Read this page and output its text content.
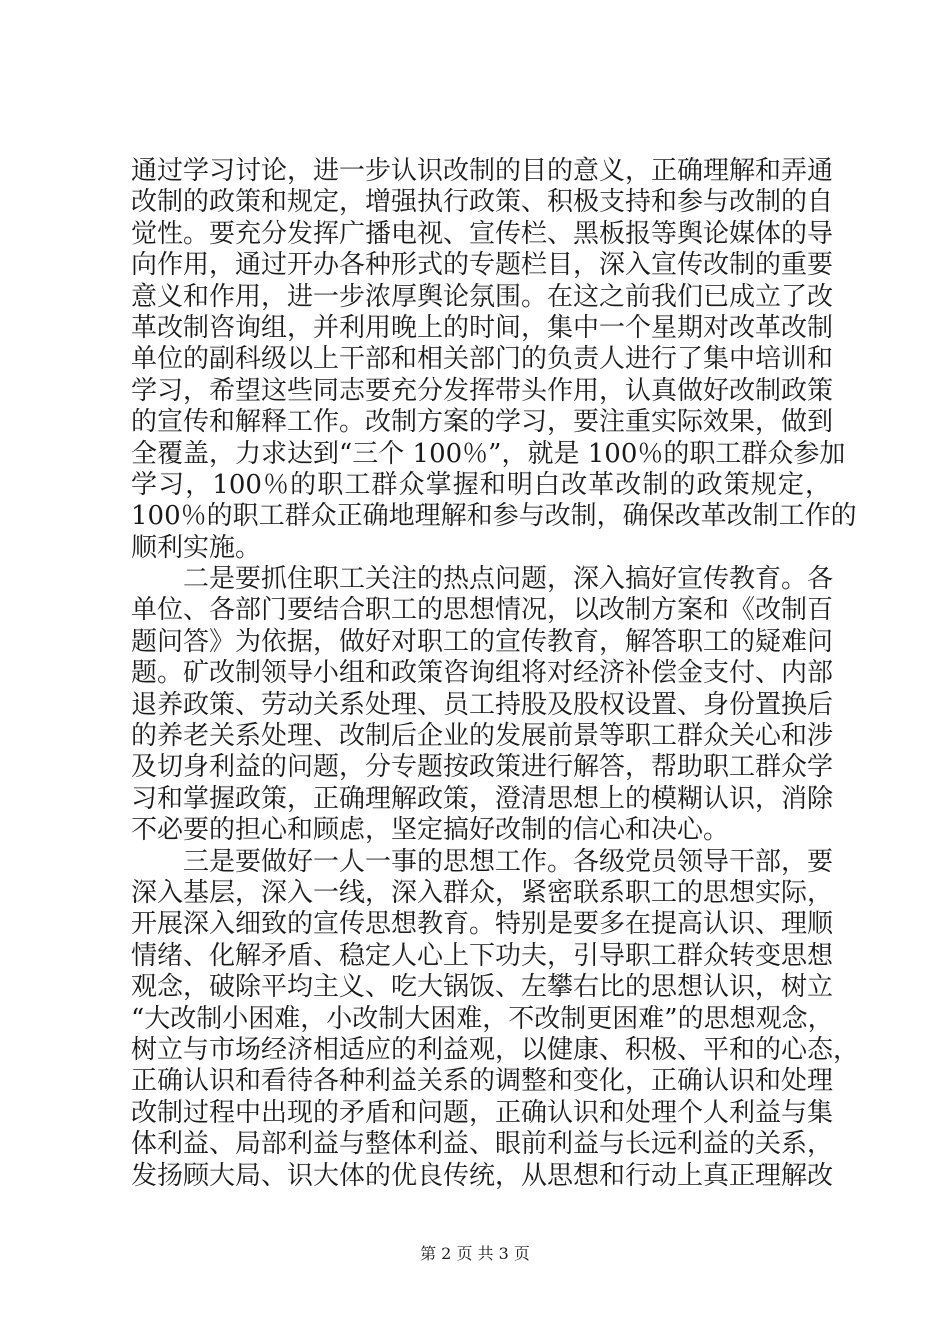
通过学习讨论，进一步认识改制的目的意义，正确理解和弄通
改制的政策和规定，增强执行政策、积极支持和参与改制的自
觉性。要充分发挥广播电视、宣传栏、黑板报等舆论媒体的导
向作用，通过开办各种形式的专题栏目，深入宣传改制的重要
意义和作用，进一步浓厚舆论氛围。在这之前我们已成立了改
革改制咨询组，并利用晚上的时间，集中一个星期对改革改制
单位的副科级以上干部和相关部门的负责人进行了集中培训和
学习，希望这些同志要充分发挥带头作用，认真做好改制政策
的宣传和解释工作。改制方案的学习，要注重实际效果，做到
全覆盖，力求达到“三个 100％”，就是 100％的职工群众参加
学习，100％的职工群众掌握和明白改革改制的政策规定，
100％的职工群众正确地理解和参与改制，确保改革改制工作的
顺利实施。
　　二是要抓住职工关注的热点问题，深入搞好宣传教育。各
单位、各部门要结合职工的思想情况，以改制方案和《改制百
题问答》为依据，做好对职工的宣传教育，解答职工的疑难问
题。矿改制领导小组和政策咨询组将对经济补偿金支付、内部
退养政策、劳动关系处理、员工持股及股权设置、身份置换后
的养老关系处理、改制后企业的发展前景等职工群众关心和涉
及切身利益的问题，分专题按政策进行解答，帮助职工群众学
习和掌握政策，正确理解政策，澄清思想上的模糊认识，消除
不必要的担心和顾虑，坚定搞好改制的信心和决心。
　　三是要做好一人一事的思想工作。各级党员领导干部，要
深入基层，深入一线，深入群众，紧密联系职工的思想实际，
开展深入细致的宣传思想教育。特别是要多在提高认识、理顺
情绪、化解矛盾、稳定人心上下功夫，引导职工群众转变思想
观念，破除平均主义、吃大锅饭、左攀右比的思想认识，树立
“大改制小困难，小改制大困难，不改制更困难”的思想观念，
树立与市场经济相适应的利益观，以健康、积极、平和的心态，
正确认识和看待各种利益关系的调整和变化，正确认识和处理
改制过程中出现的矛盾和问题，正确认识和处理个人利益与集
体利益、局部利益与整体利益、眼前利益与长远利益的关系，
发扬顾大局、识大体的优良传统，从思想和行动上真正理解改
第 2 页 共 3 页
